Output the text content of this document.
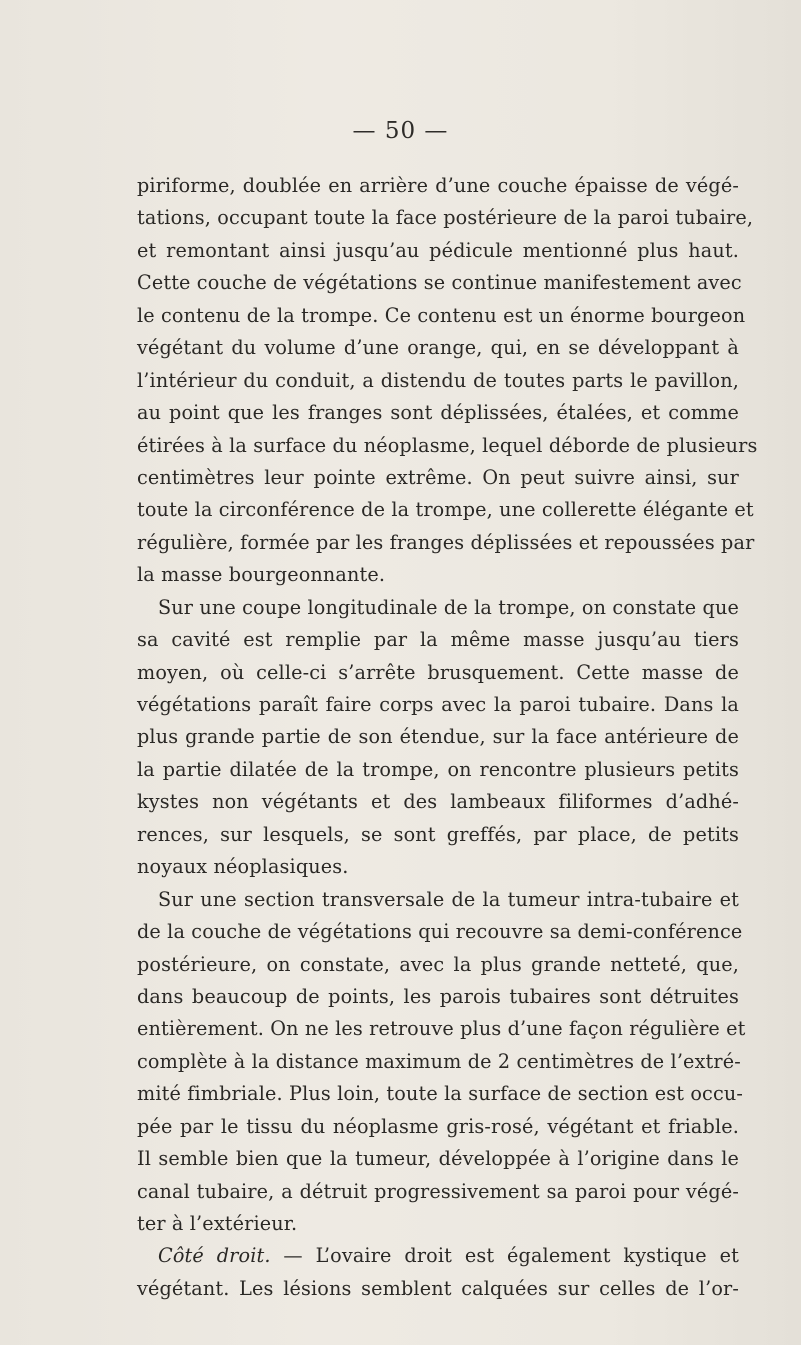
— 50 —
piriforme, doublée en arrière d’une couche épaisse de végé-
tations, occupant toute la face postérieure de la paroi tubaire,
et remontant ainsi jusqu’au pédicule mentionné plus haut.
Cette couche de végétations se continue manifestement avec
le contenu de la trompe. Ce contenu est un énorme bourgeon
végétant du volume d’une orange, qui, en se développant à
l’intérieur du conduit, a distendu de toutes parts le pavillon,
au point que les franges sont déplissées, étalées, et comme
étirées à la surface du néoplasme, lequel déborde de plusieurs
centimètres leur pointe extrême. On peut suivre ainsi, sur
toute la circonférence de la trompe, une collerette élégante et
régulière, formée par les franges déplissées et repoussées par
la masse bourgeonnante.
Sur une coupe longitudinale de la trompe, on constate que
sa cavité est remplie par la même masse jusqu’au tiers
moyen, où celle-ci s’arrête brusquement. Cette masse de
végétations paraît faire corps avec la paroi tubaire. Dans la
plus grande partie de son étendue, sur la face antérieure de
la partie dilatée de la trompe, on rencontre plusieurs petits
kystes non végétants et des lambeaux filiformes d’adhé-
rences, sur lesquels, se sont greffés, par place, de petits
noyaux néoplasiques.
Sur une section transversale de la tumeur intra-tubaire et
de la couche de végétations qui recouvre sa demi-conférence
postérieure, on constate, avec la plus grande netteté, que,
dans beaucoup de points, les parois tubaires sont détruites
entièrement. On ne les retrouve plus d’une façon régulière et
complète à la distance maximum de 2 centimètres de l’extré-
mité fimbriale. Plus loin, toute la surface de section est occu-
pée par le tissu du néoplasme gris-rosé, végétant et friable.
Il semble bien que la tumeur, développée à l’origine dans le
canal tubaire, a détruit progressivement sa paroi pour végé-
ter à l’extérieur.
Côté droit. — L’ovaire droit est également kystique et
végétant. Les lésions semblent calquées sur celles de l’or-
